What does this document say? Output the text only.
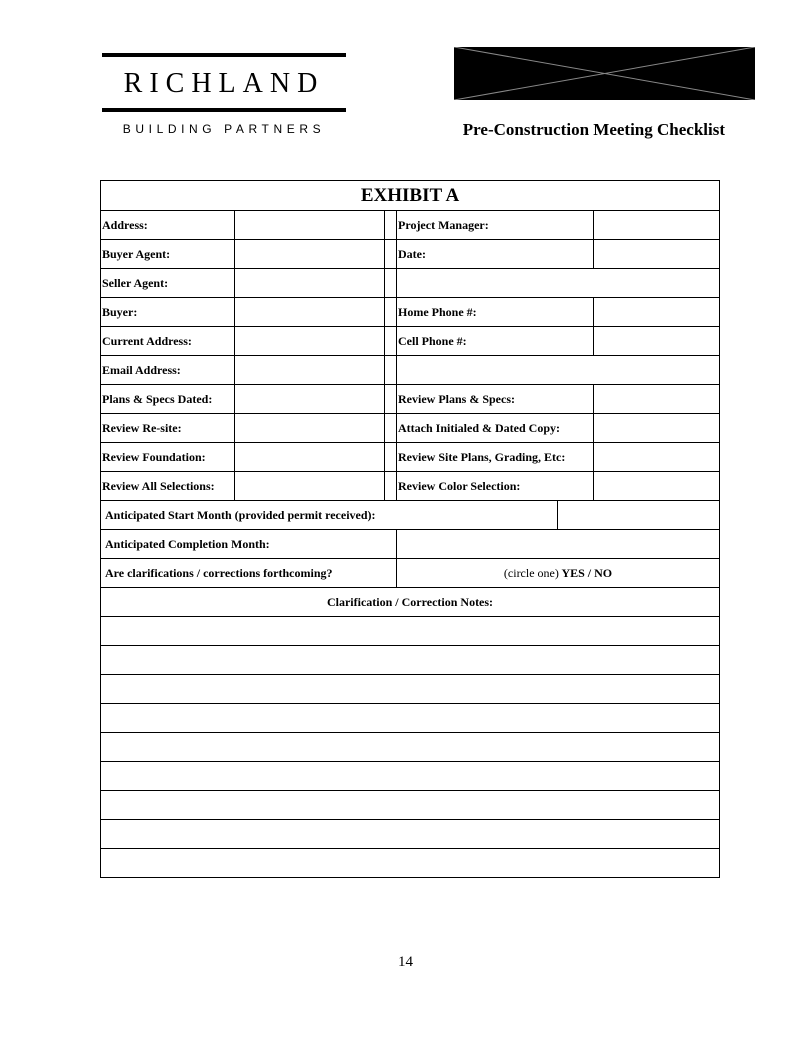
RICHLAND
BUILDING PARTNERS	Pre-Construction Meeting Checklist
EXHIBIT A					
Address:			Project Manager:		
Buyer Agent:			Date:		
Seller Agent:					
Buyer:			Home Phone #:		
Current Address:			Cell Phone #:		
Email Address:					
Plans & Specs Dated:			Review Plans & Specs:		
Review Re-site:			Attach Initialed & Dated Copy:		
Review Foundation:			Review Site Plans, Grading, Etc:		
Review All Selections:			Review Color Selection:		
Anticipated Start Month (provided permit received):					
Anticipated Completion Month:					
Are clarifications / corrections forthcoming?			(circle one) YES / NO		
Clarification / Correction Notes:					

14
